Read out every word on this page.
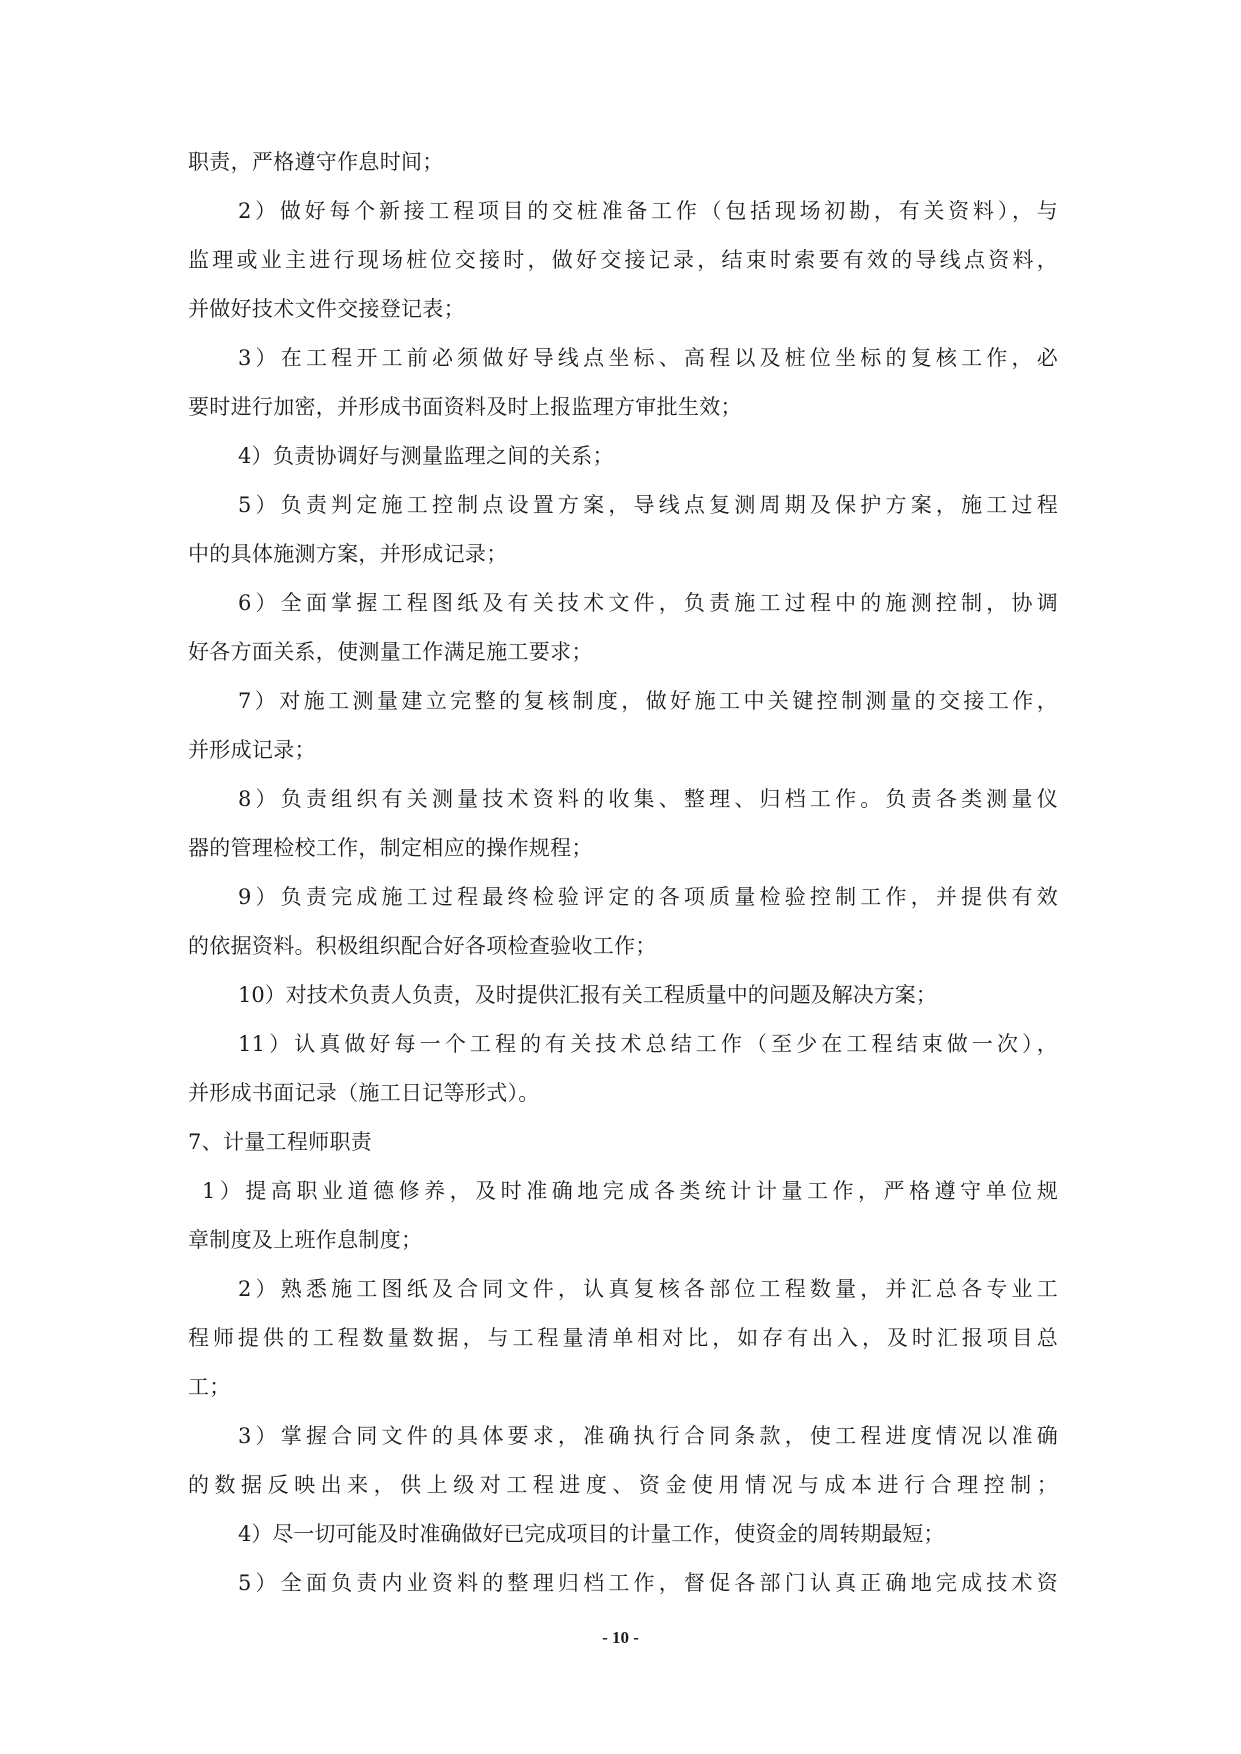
职责，严格遵守作息时间；
2）做好每个新接工程项目的交桩准备工作（包括现场初勘，有关资料），与
监理或业主进行现场桩位交接时，做好交接记录，结束时索要有效的导线点资料，
并做好技术文件交接登记表；
3）在工程开工前必须做好导线点坐标、高程以及桩位坐标的复核工作，必
要时进行加密，并形成书面资料及时上报监理方审批生效；
4）负责协调好与测量监理之间的关系；
5）负责判定施工控制点设置方案，导线点复测周期及保护方案，施工过程
中的具体施测方案，并形成记录；
6）全面掌握工程图纸及有关技术文件，负责施工过程中的施测控制，协调
好各方面关系，使测量工作满足施工要求；
7）对施工测量建立完整的复核制度，做好施工中关键控制测量的交接工作，
并形成记录；
8）负责组织有关测量技术资料的收集、整理、归档工作。负责各类测量仪
器的管理检校工作，制定相应的操作规程；
9）负责完成施工过程最终检验评定的各项质量检验控制工作，并提供有效
的依据资料。积极组织配合好各项检查验收工作；
10）对技术负责人负责，及时提供汇报有关工程质量中的问题及解决方案；
11）认真做好每一个工程的有关技术总结工作（至少在工程结束做一次），
并形成书面记录（施工日记等形式）。
7、计量工程师职责
1）提高职业道德修养，及时准确地完成各类统计计量工作，严格遵守单位规
章制度及上班作息制度；
2）熟悉施工图纸及合同文件，认真复核各部位工程数量，并汇总各专业工
程师提供的工程数量数据，与工程量清单相对比，如存有出入，及时汇报项目总
工；
3）掌握合同文件的具体要求，准确执行合同条款，使工程进度情况以准确
的数据反映出来，供上级对工程进度、资金使用情况与成本进行合理控制；
4）尽一切可能及时准确做好已完成项目的计量工作，使资金的周转期最短；
5）全面负责内业资料的整理归档工作，督促各部门认真正确地完成技术资
- 10 -
